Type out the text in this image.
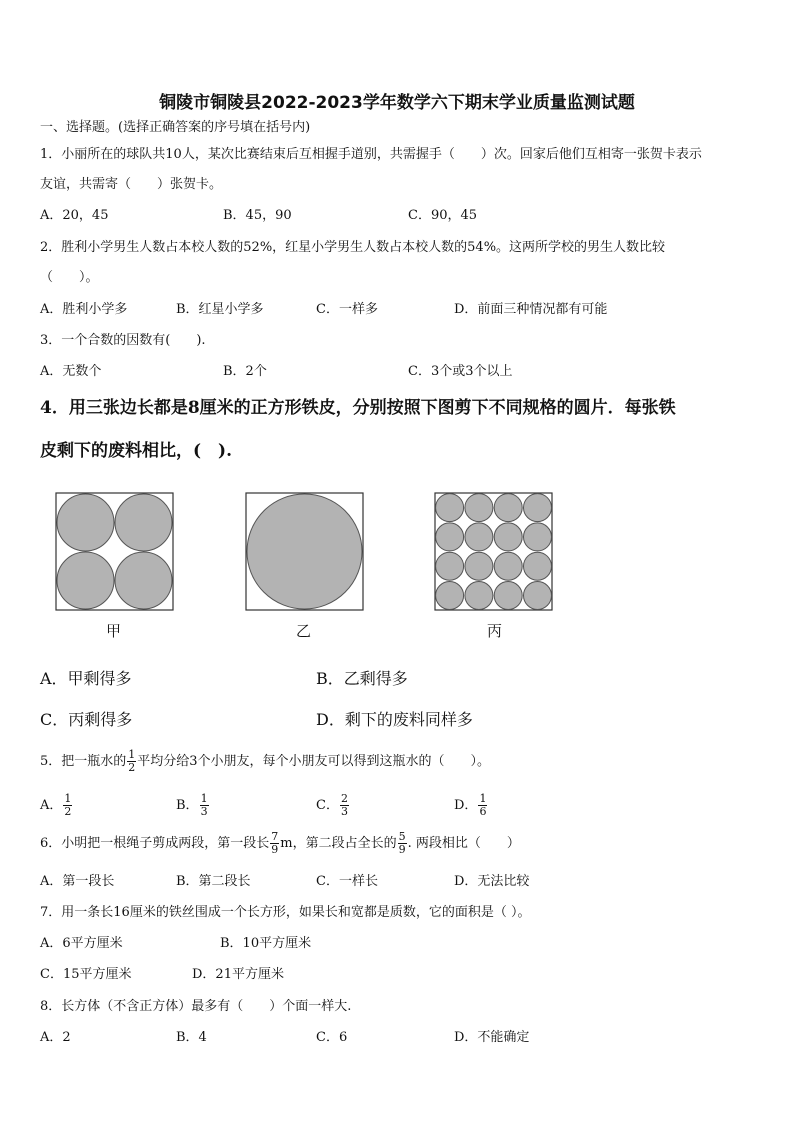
铜陵市铜陵县2022-2023学年数学六下期末学业质量监测试题
一、选择题。(选择正确答案的序号填在括号内)
1．小丽所在的球队共10人，某次比赛结束后互相握手道别，共需握手（　　）次。回家后他们互相寄一张贺卡表示
友谊，共需寄（　　）张贺卡。
A．20，45	B．45，90	C．90，45
2．胜利小学男生人数占本校人数的52%，红星小学男生人数占本校人数的54%。这两所学校的男生人数比较
（　　）。
A．胜利小学多	B．红星小学多	C．一样多	D．前面三种情况都有可能
3．一个合数的因数有(　　).
A．无数个	B．2个	C．3个或3个以上
4．用三张边长都是8厘米的正方形铁皮，分别按照下图剪下不同规格的圆片．每张铁
皮剩下的废料相比，(　).
甲	乙	丙
A．甲剩得多	B．乙剩得多
C．丙剩得多	D．剩下的废料同样多
5．把一瓶水的 $\frac{1}{2}$ 平均分给3个小朋友，每个小朋友可以得到这瓶水的（　　）。
A． $\frac{1}{2}$	B． $\frac{1}{3}$	C． $\frac{2}{3}$	D． $\frac{1}{6}$
6．小明把一根绳子剪成两段，第一段长 $\frac{7}{9}$ m，第二段占全长的 $\frac{5}{9}$ . 两段相比（　　）
A．第一段长	B．第二段长	C．一样长	D．无法比较
7．用一条长16厘米的铁丝围成一个长方形，如果长和宽都是质数，它的面积是（ ）。
A．6平方厘米	B．10平方厘米
C．15平方厘米	D．21平方厘米
8．长方体（不含正方体）最多有（　　）个面一样大.
A．2	B．4	C．6	D．不能确定
